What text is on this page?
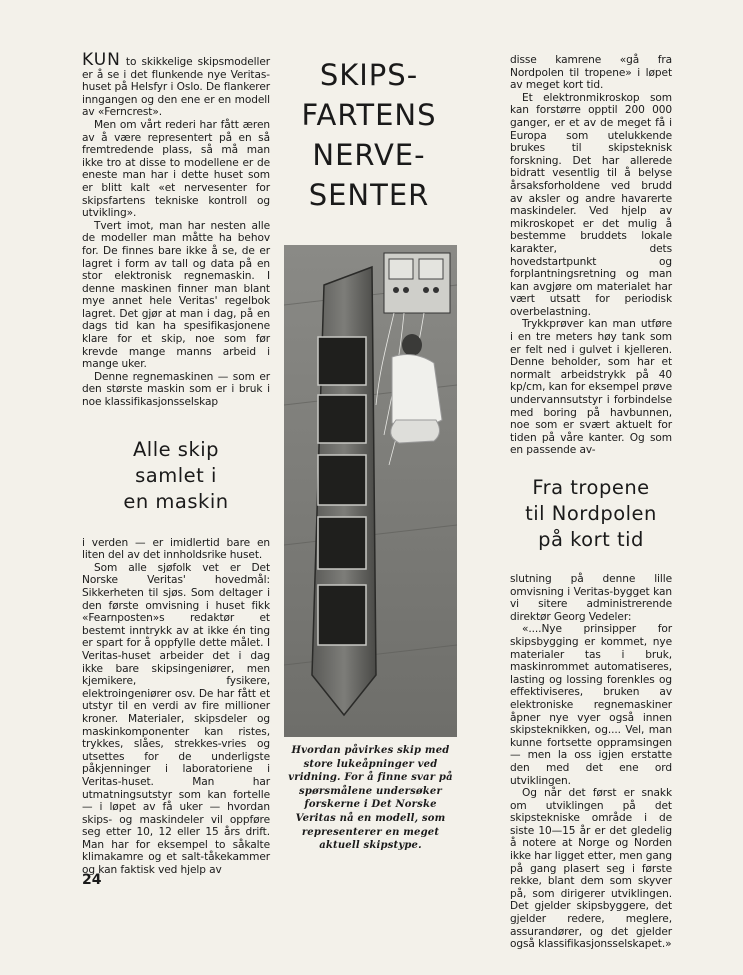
SKIPS-
FARTENS
NERVE-
SENTER

KUN to skikkelige skipsmodeller er å se i det flunkende nye Veritas-huset på Helsfyr i Oslo. De flankerer inngangen og den ene er en modell av «Ferncrest».

Men om vårt rederi har fått æren av å være representert på en så fremtredende plass, så må man ikke tro at disse to modellene er de eneste man har i dette huset som er blitt kalt «et nervesenter for skipsfartens tekniske kontroll og utvikling».

Tvert imot, man har nesten alle de modeller man måtte ha behov for. De finnes bare ikke å se, de er lagret i form av tall og data på en stor elektronisk regnemaskin. I denne maskinen finner man blant mye annet hele Veritas' regelbok lagret. Det gjør at man i dag, på en dags tid kan ha spesifikasjonene klare for et skip, noe som før krevde mange manns arbeid i mange uker.

Denne regnemaskinen — som er den største maskin som er i bruk i noe klassifikasjonsselskap

Alle skip
samlet i
en maskin

i verden — er imidlertid bare en liten del av det innholdsrike huset.

Som alle sjøfolk vet er Det Norske Veritas' hovedmål: Sikkerheten til sjøs. Som deltager i den første omvisning i huset fikk «Fearnposten»s redaktør et bestemt inntrykk av at ikke én ting er spart for å oppfylle dette målet. I Veritas-huset arbeider det i dag ikke bare skipsingeniører, men kjemikere, fysikere, elektroingeniører osv. De har fått et utstyr til en verdi av fire millioner kroner. Materialer, skipsdeler og maskinkomponenter kan ristes, trykkes, slåes, strekkes-vries og utsettes for de underligste påkjenninger i laboratoriene i Veritas-huset. Man har utmatningsutstyr som kan fortelle — i løpet av få uker — hvordan skips- og maskindeler vil oppføre seg etter 10, 12 eller 15 års drift. Man har for eksempel to såkalte klimakamre og et salt-tåkekammer og kan faktisk ved hjelp av

Hvordan påvirkes skip med store lukeåpninger ved vridning. For å finne svar på spørsmålene undersøker forskerne i Det Norske Veritas nå en modell, som representerer en meget aktuell skipstype.

disse kamrene «gå fra Nordpolen til tropene» i løpet av meget kort tid.

Et elektronmikroskop som kan forstørre opptil 200 000 ganger, er et av de meget få i Europa som utelukkende brukes til skipsteknisk forskning. Det har allerede bidratt vesentlig til å belyse årsaksforholdene ved brudd av aksler og andre havarerte maskindeler. Ved hjelp av mikroskopet er det mulig å bestemme bruddets lokale karakter, dets hovedstartpunkt og forplantningsretning og man kan avgjøre om materialet har vært utsatt for periodisk overbelastning.

Trykkprøver kan man utføre i en tre meters høy tank som er felt ned i gulvet i kjelleren. Denne beholder, som har et normalt arbeidstrykk på 40 kp/cm, kan for eksempel prøve undervannsutstyr i forbindelse med boring på havbunnen, noe som er svært aktuelt for tiden på våre kanter. Og som en passende av-

Fra tropene
til Nordpolen
på kort tid

slutning på denne lille omvisning i Veritas-bygget kan vi sitere administrerende direktør Georg Vedeler:

«....Nye prinsipper for skipsbygging er kommet, nye materialer tas i bruk, maskinrommet automatiseres, lasting og lossing forenkles og effektiviseres, bruken av elektroniske regnemaskiner åpner nye vyer også innen skipsteknikken, og.... Vel, man kunne fortsette oppramsingen — men la oss igjen erstatte den med det ene ord utviklingen.

Og når det først er snakk om utviklingen på det skipstekniske område i de siste 10—15 år er det gledelig å notere at Norge og Norden ikke har ligget etter, men gang på gang plasert seg i første rekke, blant dem som skyver på, som dirigerer utviklingen. Det gjelder skipsbyggere, det gjelder redere, meglere, assurandører, og det gjelder også klassifikasjonsselskapet.»

24
